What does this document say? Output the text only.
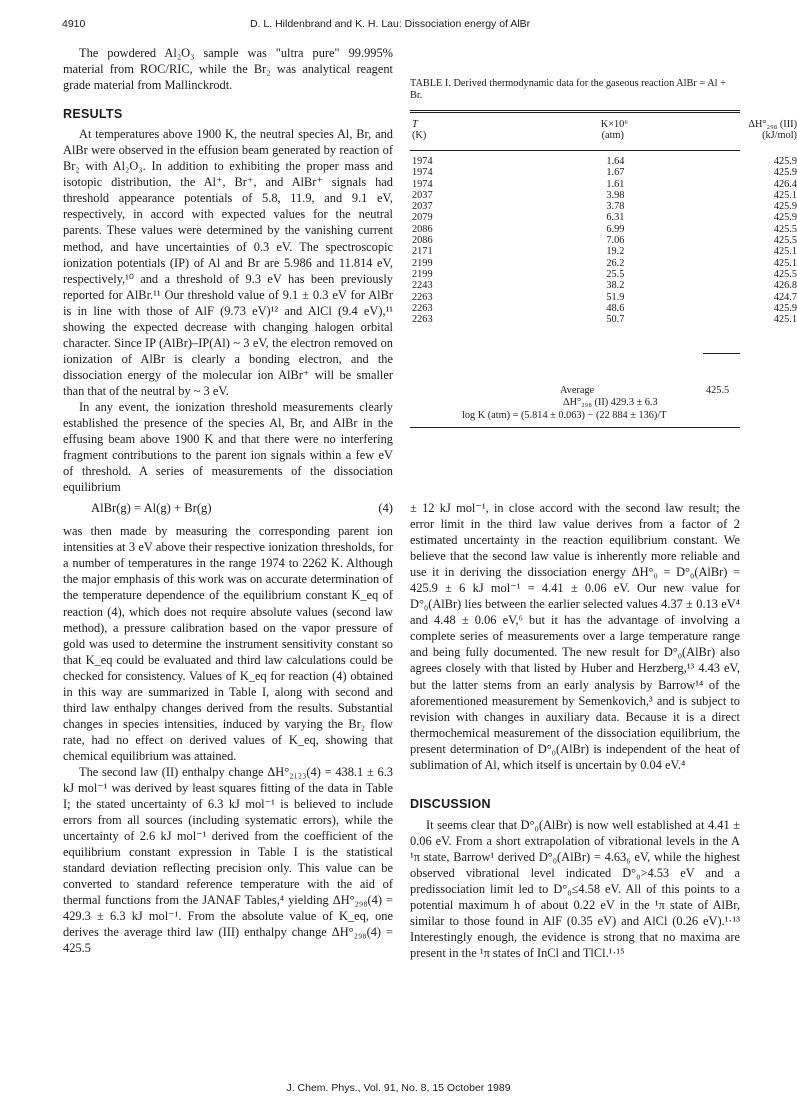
4910	D. L. Hildenbrand and K. H. Lau: Dissociation energy of AlBr

The powdered Al₂O₃ sample was "ultra pure" 99.995% material from ROC/RIC, while the Br₂ was analytical reagent grade material from Mallinckrodt.

RESULTS

At temperatures above 1900 K, the neutral species Al, Br, and AlBr were observed in the effusion beam generated by reaction of Br₂ with Al₂O₃. In addition to exhibiting the proper mass and isotopic distribution, the Al⁺, Br⁺, and AlBr⁺ signals had threshold appearance potentials of 5.8, 11.9, and 9.1 eV, respectively, in accord with expected values for the neutral parents. These values were determined by the vanishing current method, and have uncertainties of 0.3 eV. The spectroscopic ionization potentials (IP) of Al and Br are 5.986 and 11.814 eV, respectively,¹⁰ and a threshold of 9.3 eV has been previously reported for AlBr.¹¹ Our threshold value of 9.1 ± 0.3 eV for AlBr is in line with those of AlF (9.73 eV)¹² and AlCl (9.4 eV),¹¹ showing the expected decrease with changing halogen orbital character. Since IP (AlBr)–IP(Al) ~ 3 eV, the electron removed on ionization of AlBr is clearly a bonding electron, and the dissociation energy of the molecular ion AlBr⁺ will be smaller than that of the neutral by ~ 3 eV.

In any event, the ionization threshold measurements clearly established the presence of the species Al, Br, and AlBr in the effusing beam above 1900 K and that there were no interfering fragment contributions to the parent ion signals within a few eV of threshold. A series of measurements of the dissociation equilibrium

AlBr(g) = Al(g) + Br(g)	(4)

was then made by measuring the corresponding parent ion intensities at 3 eV above their respective ionization thresholds, for a number of temperatures in the range 1974 to 2262 K. Although the major emphasis of this work was on accurate determination of the temperature dependence of the equilibrium constant K_eq of reaction (4), which does not require absolute values (second law method), a pressure calibration based on the vapor pressure of gold was used to determine the instrument sensitivity constant so that K_eq could be evaluated and third law calculations could be checked for consistency. Values of K_eq for reaction (4) obtained in this way are summarized in Table I, along with second and third law enthalpy changes derived from the results. Substantial changes in species intensities, induced by varying the Br₂ flow rate, had no effect on derived values of K_eq, showing that chemical equilibrium was attained.

The second law (II) enthalpy change ΔH°₂₁₂₃(4) = 438.1 ± 6.3 kJ mol⁻¹ was derived by least squares fitting of the data in Table I; the stated uncertainty of 6.3 kJ mol⁻¹ is believed to include errors from all sources (including systematic errors), while the uncertainty of 2.6 kJ mol⁻¹ derived from the coefficient of the equilibrium constant expression in Table I is the statistical standard deviation reflecting precision only. This value can be converted to standard reference temperature with the aid of thermal functions from the JANAF Tables,⁴ yielding ΔH°₂₉₈(4) = 429.3 ± 6.3 kJ mol⁻¹. From the absolute value of K_eq, one derives the average third law (III) enthalpy change ΔH°₂₉₈(4) = 425.5

TABLE I. Derived thermodynamic data for the gaseous reaction AlBr = Al + Br.
T	K×10⁶	ΔH°₂₉₈ (III)
(K)	(atm)	(kJ/mol)
1974	1.64	425.9
1974	1.67	425.9
1974	1.61	426.4
2037	3.98	425.1
2037	3.78	425.9
2079	6.31	425.9
2086	6.99	425.5
2086	7.06	425.5
2171	19.2	425.1
2199	26.2	425.1
2199	25.5	425.5
2243	38.2	426.8
2263	51.9	424.7
2263	48.6	425.9
2263	50.7	425.1
Average	425.5
ΔH°₂₉₈ (II) 429.3 ± 6.3
log K (atm) = (5.814 ± 0.063) − (22 884 ± 136)/T

± 12 kJ mol⁻¹, in close accord with the second law result; the error limit in the third law value derives from a factor of 2 estimated uncertainty in the reaction equilibrium constant. We believe that the second law value is inherently more reliable and use it in deriving the dissociation energy ΔH°₀ = D°₀(AlBr) = 425.9 ± 6 kJ mol⁻¹ = 4.41 ± 0.06 eV. Our new value for D°₀(AlBr) lies between the earlier selected values 4.37 ± 0.13 eV⁴ and 4.48 ± 0.06 eV,⁶ but it has the advantage of involving a complete series of measurements over a large temperature range and being fully documented. The new result for D°₀(AlBr) also agrees closely with that listed by Huber and Herzberg,¹³ 4.43 eV, but the latter stems from an early analysis by Barrow¹⁴ of the aforementioned measurement by Semenkovich,³ and is subject to revision with changes in auxiliary data. Because it is a direct thermochemical measurement of the dissociation equilibrium, the present determination of D°₀(AlBr) is independent of the heat of sublimation of Al, which itself is uncertain by 0.04 eV.⁴

DISCUSSION

It seems clear that D°₀(AlBr) is now well established at 4.41 ± 0.06 eV. From a short extrapolation of vibrational levels in the A ¹π state, Barrow¹ derived D°₀(AlBr) = 4.63₆ eV, while the highest observed vibrational level indicated D°₀>4.53 eV and a predissociation limit led to D°₀≤4.58 eV. All of this points to a potential maximum h of about 0.22 eV in the ¹π state of AlBr, similar to those found in AlF (0.35 eV) and AlCl (0.26 eV).¹·¹³ Interestingly enough, the evidence is strong that no maxima are present in the ¹π states of InCl and TlCl.¹·¹⁵

J. Chem. Phys., Vol. 91, No. 8, 15 October 1989
